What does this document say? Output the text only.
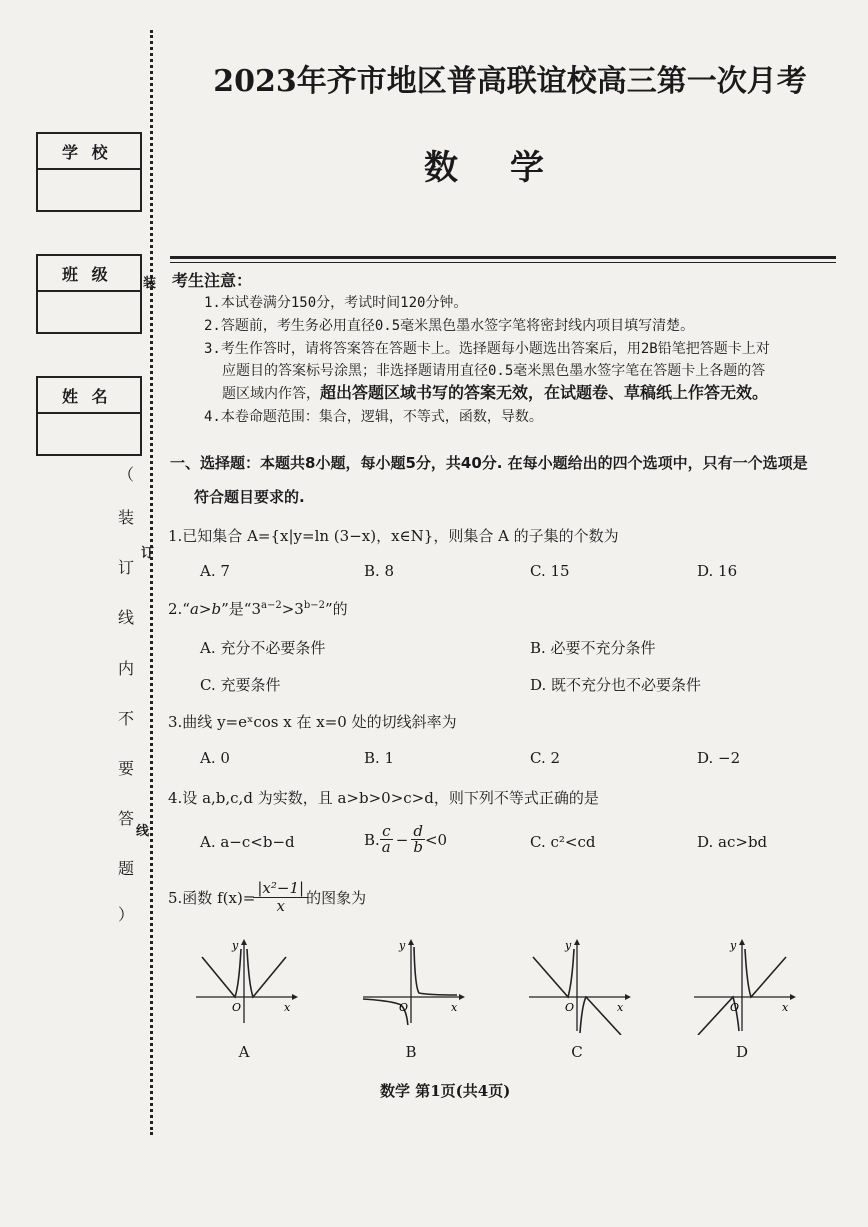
学 校
班 级
姓 名
（
装
订
线
内
不
要
答
题
）
装
订
线
2023年齐市地区普高联谊校高三第一次月考
数学
考生注意：
1.本试卷满分150分，考试时间120分钟。
2.答题前，考生务必用直径0.5毫米黑色墨水签字笔将密封线内项目填写清楚。
3.考生作答时，请将答案答在答题卡上。选择题每小题选出答案后，用2B铅笔把答题卡上对
应题目的答案标号涂黑；非选择题请用直径0.5毫米黑色墨水签字笔在答题卡上各题的答
题区域内作答，超出答题区域书写的答案无效，在试题卷、草稿纸上作答无效。
4.本卷命题范围：集合，逻辑，不等式，函数，导数。
一、选择题：本题共8小题，每小题5分，共40分. 在每小题给出的四个选项中，只有一个选项是
符合题目要求的.
1.已知集合 A={x|y=ln (3−x)，x∈N}，则集合 A 的子集的个数为
A. 7	B. 8	C. 15	D. 16
2.“a>b”是“$3^{a-2}>3^{b-2}$”的
A. 充分不必要条件	B. 必要不充分条件
C. 充要条件	D. 既不充分也不必要条件
3.曲线 y=eˣcos x 在 x=0 处的切线斜率为
A. 0	B. 1	C. 2	D. −2
4.设 a,b,c,d 为实数，且 a>b>0>c>d，则下列不等式正确的是
A. a−c<b−d	B. c
$a - \frac{d}{b} <0$	C. c²<cd	D. ac>bd
5.函数 $f(x)= \frac{\text{|x²−1|}}{x}$ 的图象为
y
O	x
A
y
O	x
B
y
O	x
C
y
O	x
D
数学 第1页(共4页)
